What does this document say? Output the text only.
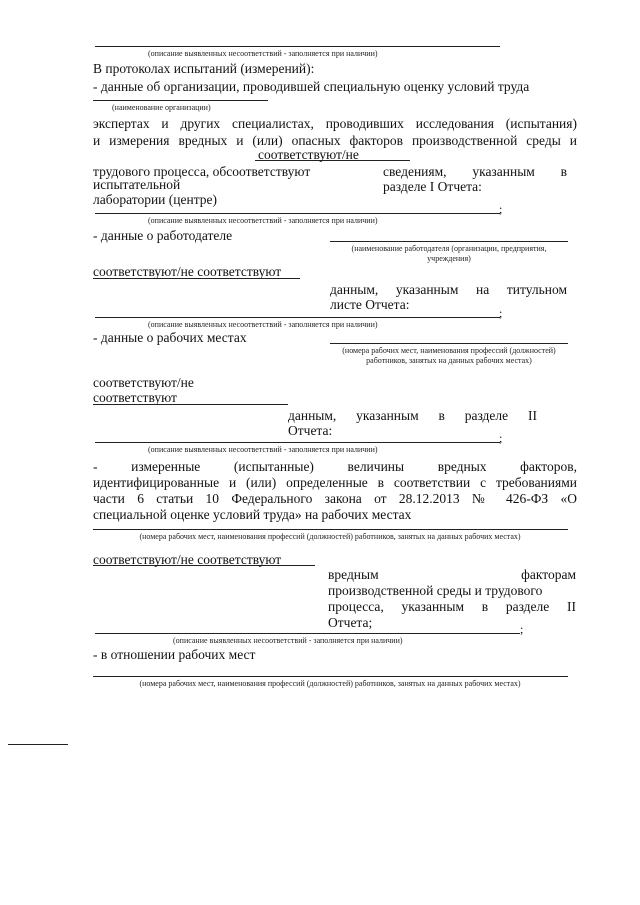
(описание выявленных несоответствий - заполняется при наличии)
В протоколах испытаний (измерений):
- данные об организации, проводившей специальную оценку условий труда
(наименование организации)
экспертах и других специалистах, проводивших исследования (испытания)
и измерения вредных и (или) опасных факторов производственной среды и
соответствуют/не
трудового процесса, обсоответствуют
испытательной
лаборатории (центре)
сведениям, указанным в
разделе I Отчета:
;
(описание выявленных несоответствий - заполняется при наличии)
- данные о работодателе
(наименование работодателя (организации, предприятия, учреждения)
соответствуют/не соответствуют
данным, указанным на титульном
листе Отчета:
;
(описание выявленных несоответствий - заполняется при наличии)
- данные о рабочих местах
(номера рабочих мест, наименования профессий (должностей) работников, занятых на данных рабочих местах)
соответствуют/не
соответствуют
данным, указанным в разделе II
Отчета:	;
(описание выявленных несоответствий - заполняется при наличии)
- измеренные (испытанные) величины вредных факторов,
идентифицированные и (или) определенные в соответствии с требованиями
части 6 статьи 10 Федерального закона от 28.12.2013 № 426-ФЗ «О
специальной оценке условий труда» на рабочих местах
(номера рабочих мест, наименования профессий (должностей) работников, занятых на данных рабочих местах)
соответствуют/не соответствуют
вредным факторам
производственной среды и трудового
процесса, указанным в разделе II
Отчета;	;
(описание выявленных несоответствий - заполняется при наличии)
- в отношении рабочих мест
(номера рабочих мест, наименования профессий (должностей) работников, занятых на данных рабочих местах)
